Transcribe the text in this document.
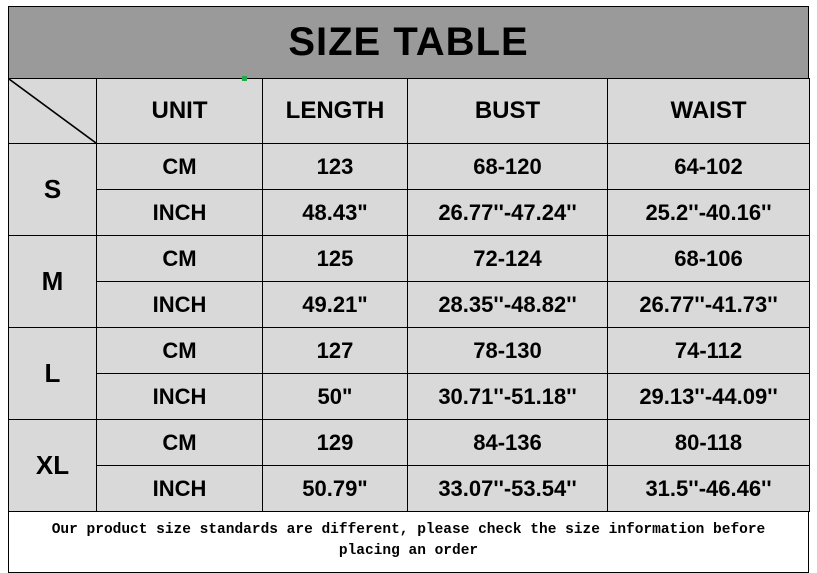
SIZE TABLE
	UNIT	LENGTH	BUST	WAIST
S	CM	123	68-120	64-102
	INCH	48.43"	26.77''-47.24''	25.2''-40.16''
M	CM	125	72-124	68-106
	INCH	49.21"	28.35''-48.82''	26.77''-41.73''
L	CM	127	78-130	74-112
	INCH	50"	30.71''-51.18''	29.13''-44.09''
XL	CM	129	84-136	80-118
	INCH	50.79"	33.07''-53.54''	31.5''-46.46''
Our product size standards are different, please check the size information before
placing an order
